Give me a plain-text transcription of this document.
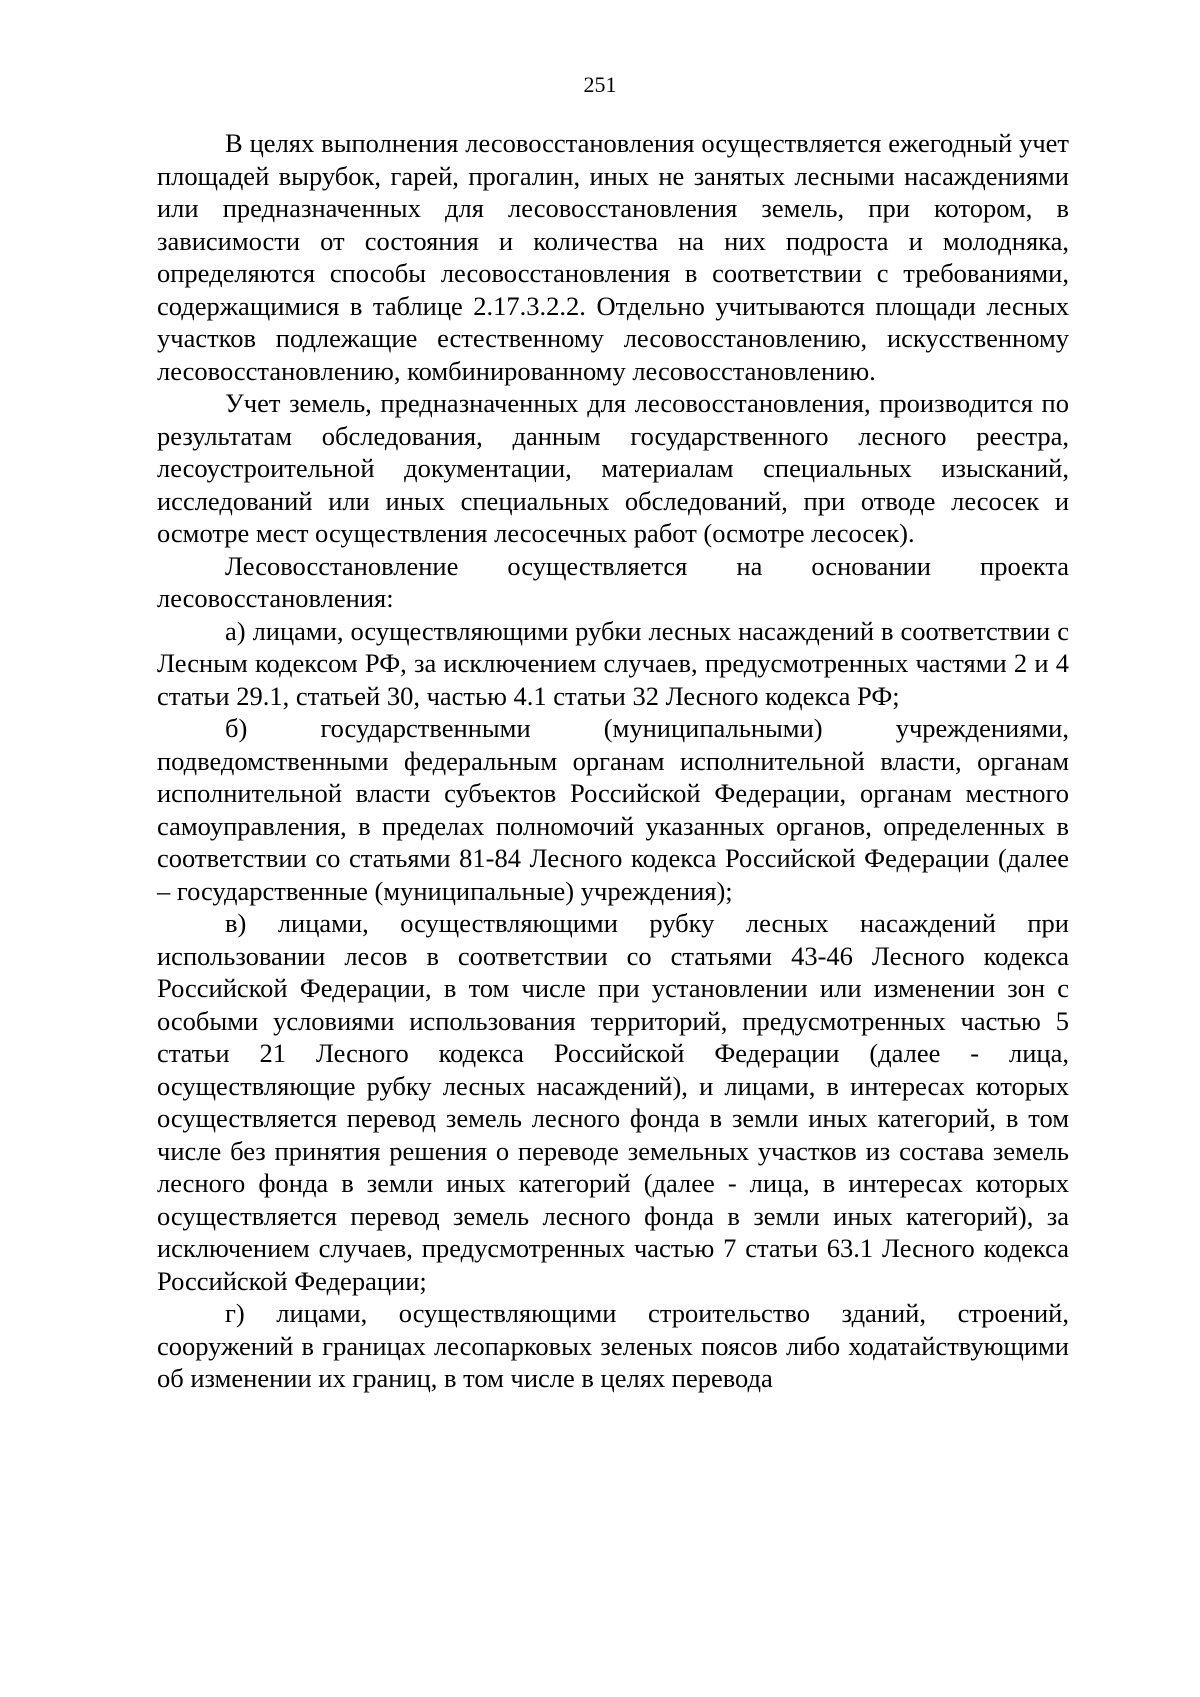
251

В целях выполнения лесовосстановления осуществляется ежегодный учет площадей вырубок, гарей, прогалин, иных не занятых лесными насаждениями или предназначенных для лесовосстановления земель, при котором, в зависимости от состояния и количества на них подроста и молодняка, определяются способы лесовосстановления в соответствии с требованиями, содержащимися в таблице 2.17.3.2.2. Отдельно учитываются площади лесных участков подлежащие естественному лесовосстановлению, искусственному лесовосстановлению, комбинированному лесовосстановлению.

Учет земель, предназначенных для лесовосстановления, производится по результатам обследования, данным государственного лесного реестра, лесоустроительной документации, материалам специальных изысканий, исследований или иных специальных обследований, при отводе лесосек и осмотре мест осуществления лесосечных работ (осмотре лесосек).

Лесовосстановление осуществляется на основании проекта лесовосстановления:

а) лицами, осуществляющими рубки лесных насаждений в соответствии с Лесным кодексом РФ, за исключением случаев, предусмотренных частями 2 и 4 статьи 29.1, статьей 30, частью 4.1 статьи 32 Лесного кодекса РФ;

б) государственными (муниципальными) учреждениями, подведомственными федеральным органам исполнительной власти, органам исполнительной власти субъектов Российской Федерации, органам местного самоуправления, в пределах полномочий указанных органов, определенных в соответствии со статьями 81-84 Лесного кодекса Российской Федерации (далее – государственные (муниципальные) учреждения);

в) лицами, осуществляющими рубку лесных насаждений при использовании лесов в соответствии со статьями 43-46 Лесного кодекса Российской Федерации, в том числе при установлении или изменении зон с особыми условиями использования территорий, предусмотренных частью 5 статьи 21 Лесного кодекса Российской Федерации (далее - лица, осуществляющие рубку лесных насаждений), и лицами, в интересах которых осуществляется перевод земель лесного фонда в земли иных категорий, в том числе без принятия решения о переводе земельных участков из состава земель лесного фонда в земли иных категорий (далее - лица, в интересах которых осуществляется перевод земель лесного фонда в земли иных категорий), за исключением случаев, предусмотренных частью 7 статьи 63.1 Лесного кодекса Российской Федерации;

г) лицами, осуществляющими строительство зданий, строений, сооружений в границах лесопарковых зеленых поясов либо ходатайствующими об изменении их границ, в том числе в целях перевода
